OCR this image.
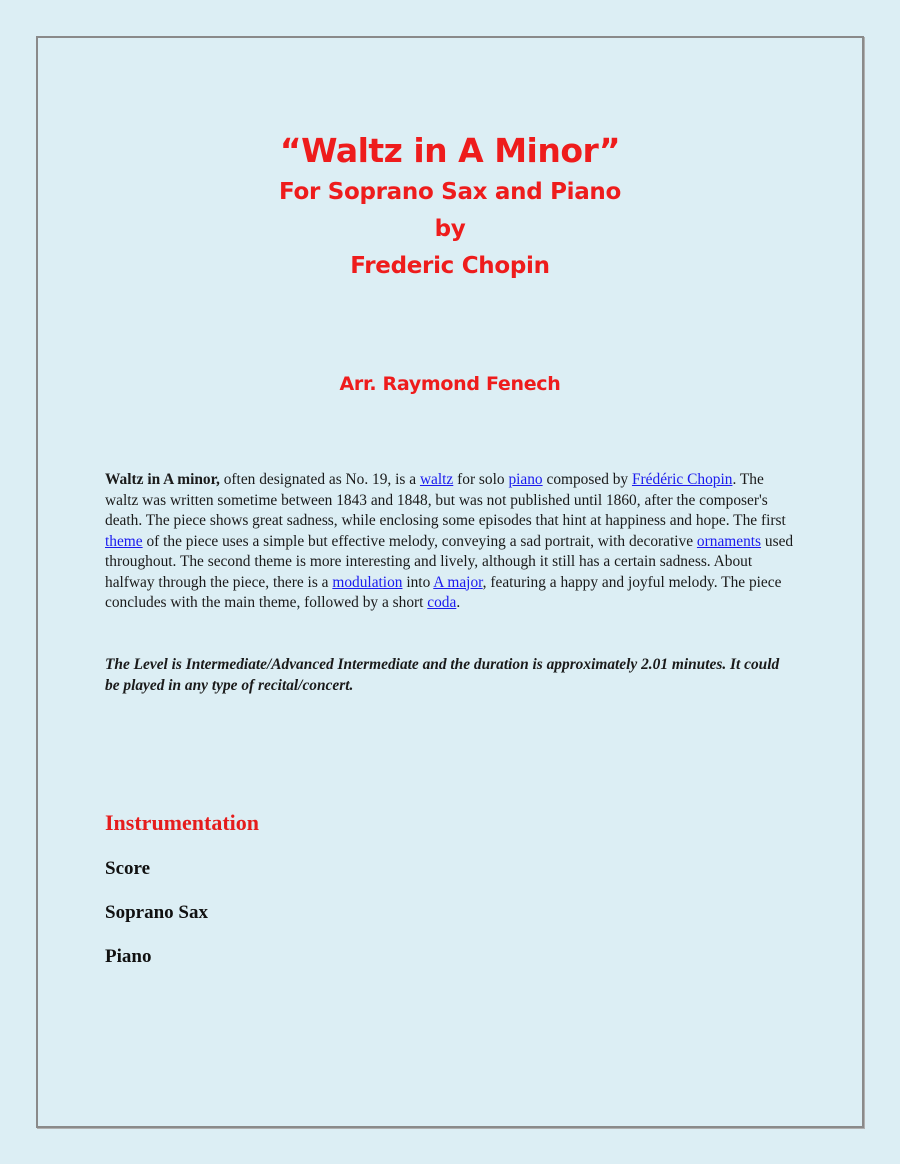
“Waltz in A Minor”
For Soprano Sax and Piano
by
Frederic Chopin
Arr. Raymond Fenech

Waltz in A minor, often designated as No. 19, is a waltz for solo piano composed by Frédéric Chopin. The waltz was written sometime between 1843 and 1848, but was not published until 1860, after the composer's death. The piece shows great sadness, while enclosing some episodes that hint at happiness and hope. The first theme of the piece uses a simple but effective melody, conveying a sad portrait, with decorative ornaments used throughout. The second theme is more interesting and lively, although it still has a certain sadness. About halfway through the piece, there is a modulation into A major, featuring a happy and joyful melody. The piece concludes with the main theme, followed by a short coda.

The Level is Intermediate/Advanced Intermediate and the duration is approximately 2.01 minutes. It could be played in any type of recital/concert.

Instrumentation
Score
Soprano Sax
Piano
